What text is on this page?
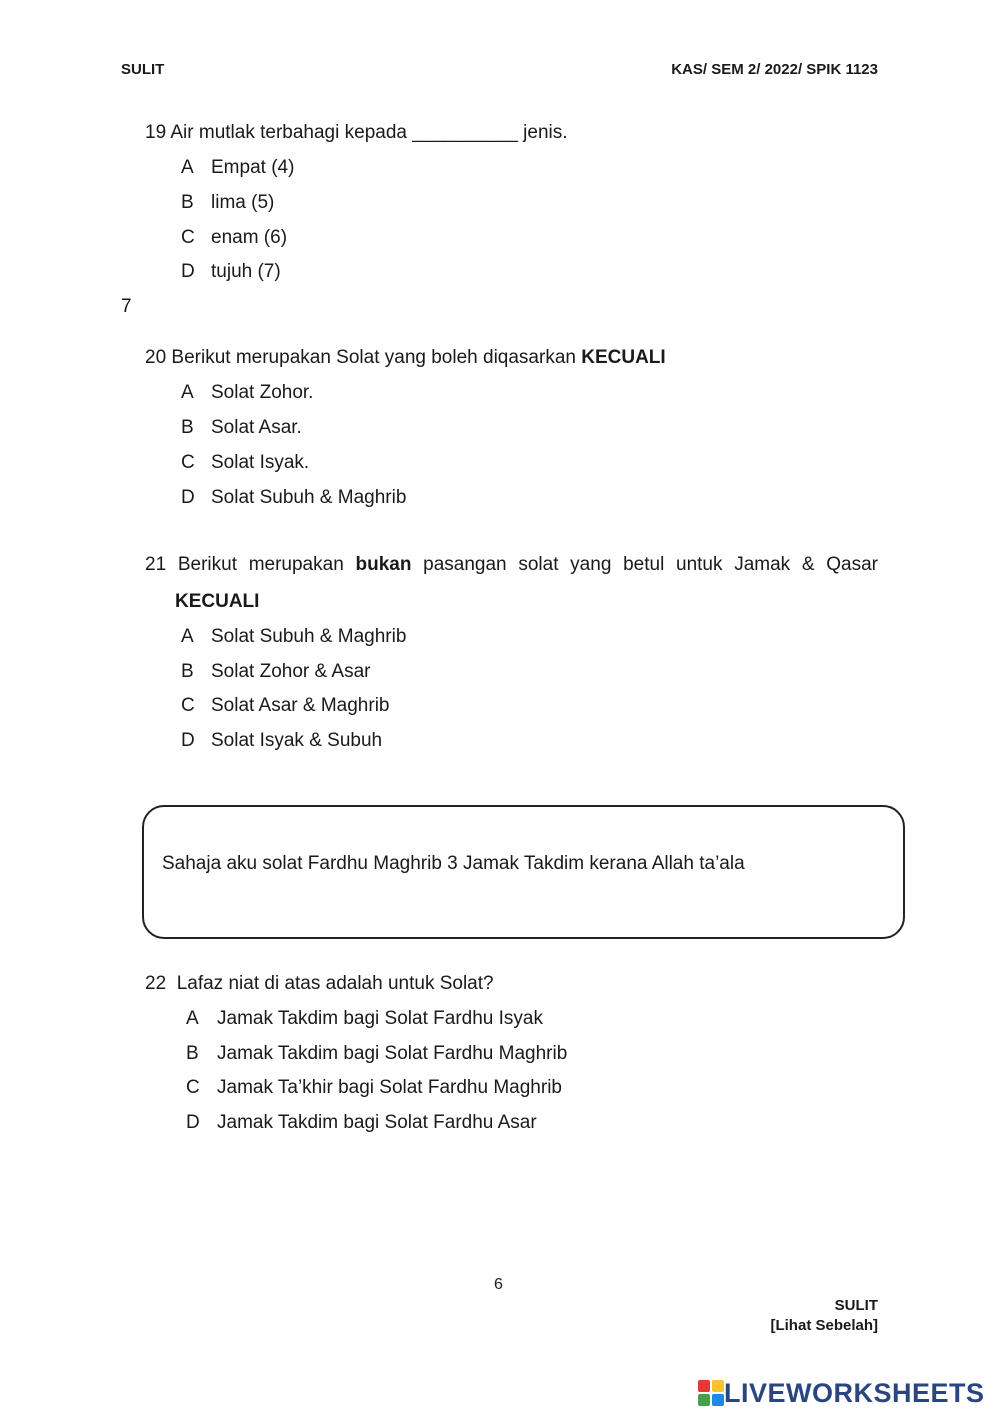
SULIT	KAS/ SEM 2/ 2022/ SPIK 1123
19 Air mutlak terbahagi kepada __________ jenis.
A Empat (4)
B lima (5)
C enam (6)
D tujuh (7)
7
20 Berikut merupakan Solat yang boleh diqasarkan KECUALI
A Solat Zohor.
B Solat Asar.
C Solat Isyak.
D Solat Subuh & Maghrib
21 Berikut merupakan bukan pasangan solat yang betul untuk Jamak & Qasar
KECUALI
A Solat Subuh & Maghrib
B Solat Zohor & Asar
C Solat Asar & Maghrib
D Solat Isyak & Subuh
Sahaja aku solat Fardhu Maghrib 3 Jamak Takdim kerana Allah ta’ala
22 Lafaz niat di atas adalah untuk Solat?
A Jamak Takdim bagi Solat Fardhu Isyak
B Jamak Takdim bagi Solat Fardhu Maghrib
C Jamak Ta’khir bagi Solat Fardhu Maghrib
D Jamak Takdim bagi Solat Fardhu Asar
6
SULIT
[Lihat Sebelah]
LIVEWORKSHEETS
